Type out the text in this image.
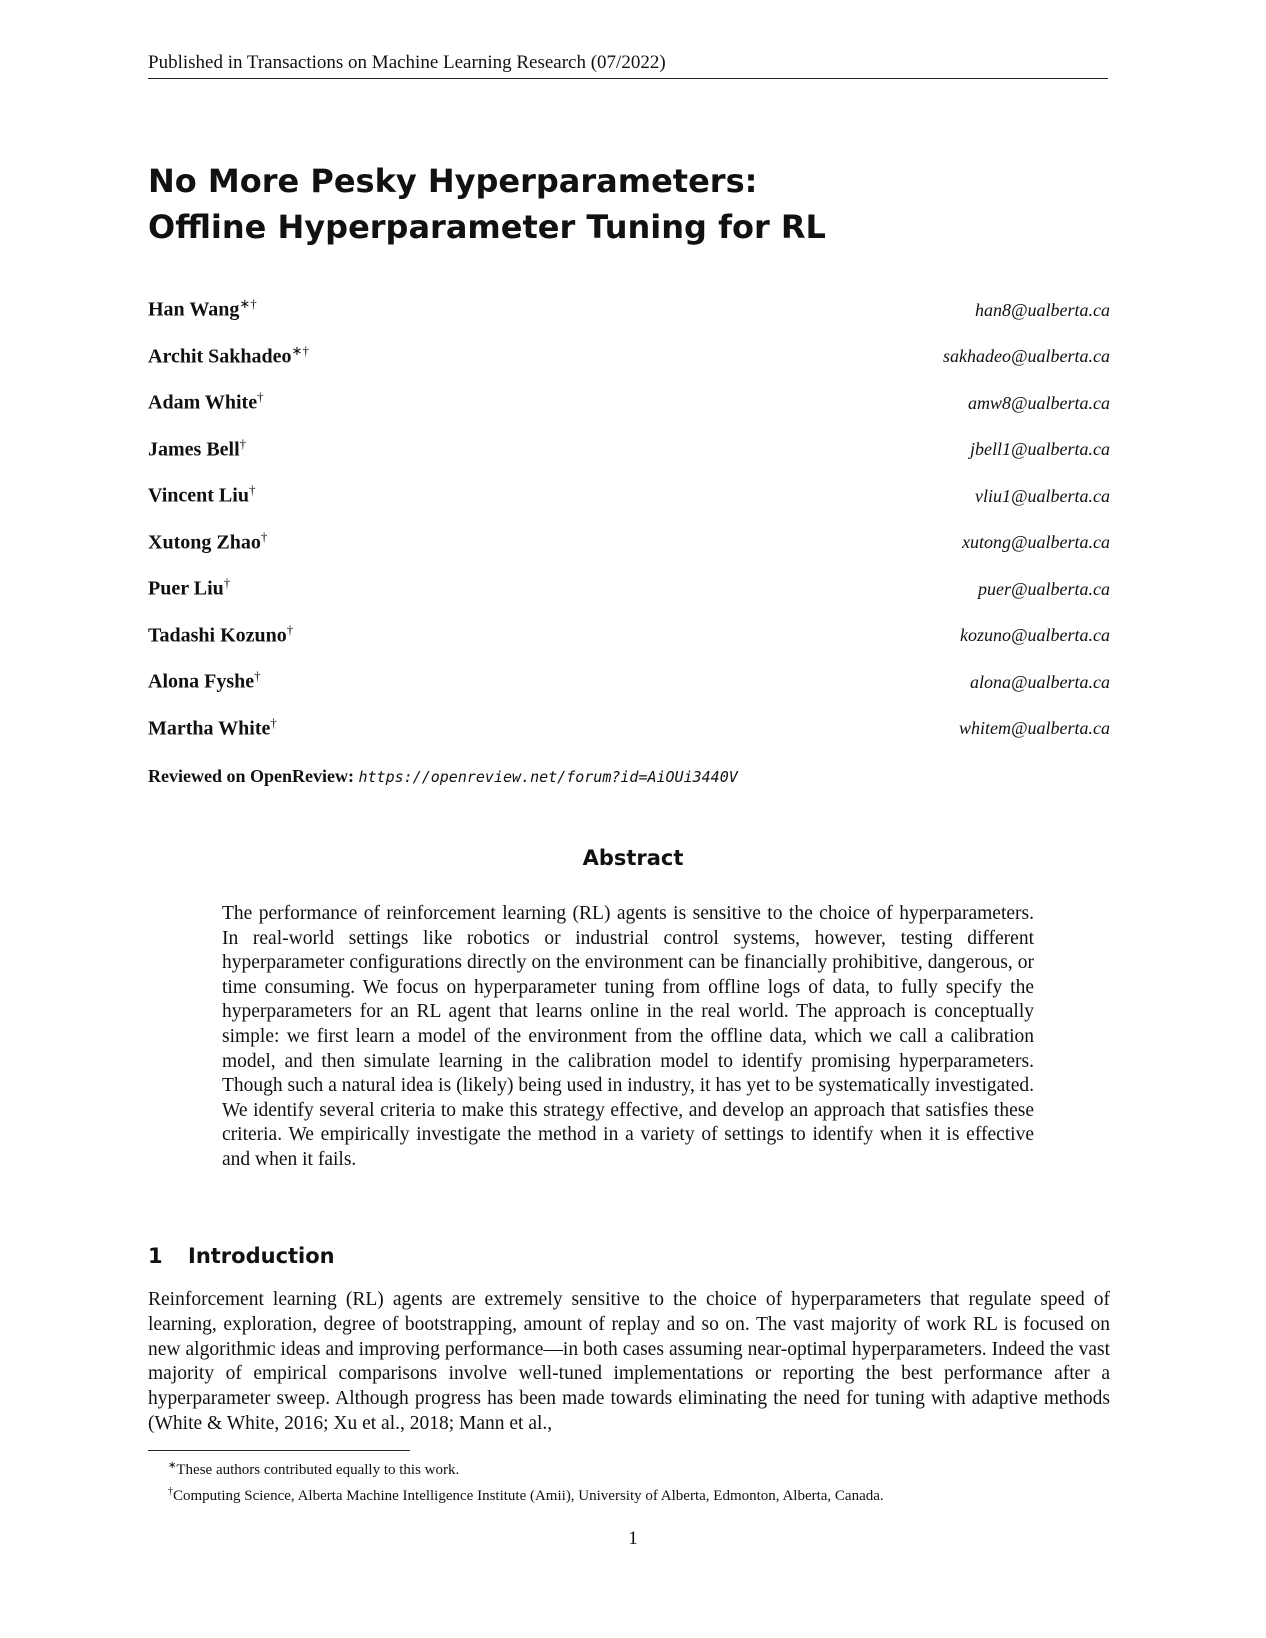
Published in Transactions on Machine Learning Research (07/2022)
No More Pesky Hyperparameters:
Offline Hyperparameter Tuning for RL
Han Wang∗†	han8@ualberta.ca
Archit Sakhadeo∗†	sakhadeo@ualberta.ca
Adam White†	amw8@ualberta.ca
James Bell†	jbell1@ualberta.ca
Vincent Liu†	vliu1@ualberta.ca
Xutong Zhao†	xutong@ualberta.ca
Puer Liu†	puer@ualberta.ca
Tadashi Kozuno†	kozuno@ualberta.ca
Alona Fyshe†	alona@ualberta.ca
Martha White†	whitem@ualberta.ca
Reviewed on OpenReview: https://openreview.net/forum?id=AiOUi3440V
Abstract
The performance of reinforcement learning (RL) agents is sensitive to the choice of hyperparameters. In real-world settings like robotics or industrial control systems, however, testing different hyperparameter configurations directly on the environment can be financially prohibitive, dangerous, or time consuming. We focus on hyperparameter tuning from offline logs of data, to fully specify the hyperparameters for an RL agent that learns online in the real world. The approach is conceptually simple: we first learn a model of the environment from the offline data, which we call a calibration model, and then simulate learning in the calibration model to identify promising hyperparameters. Though such a natural idea is (likely) being used in industry, it has yet to be systematically investigated. We identify several criteria to make this strategy effective, and develop an approach that satisfies these criteria. We empirically investigate the method in a variety of settings to identify when it is effective and when it fails.
1 Introduction
Reinforcement learning (RL) agents are extremely sensitive to the choice of hyperparameters that regulate speed of learning, exploration, degree of bootstrapping, amount of replay and so on. The vast majority of work RL is focused on new algorithmic ideas and improving performance—in both cases assuming near-optimal hyperparameters. Indeed the vast majority of empirical comparisons involve well-tuned implementations or reporting the best performance after a hyperparameter sweep. Although progress has been made towards eliminating the need for tuning with adaptive methods (White & White, 2016; Xu et al., 2018; Mann et al.,
∗These authors contributed equally to this work.
†Computing Science, Alberta Machine Intelligence Institute (Amii), University of Alberta, Edmonton, Alberta, Canada.
1
